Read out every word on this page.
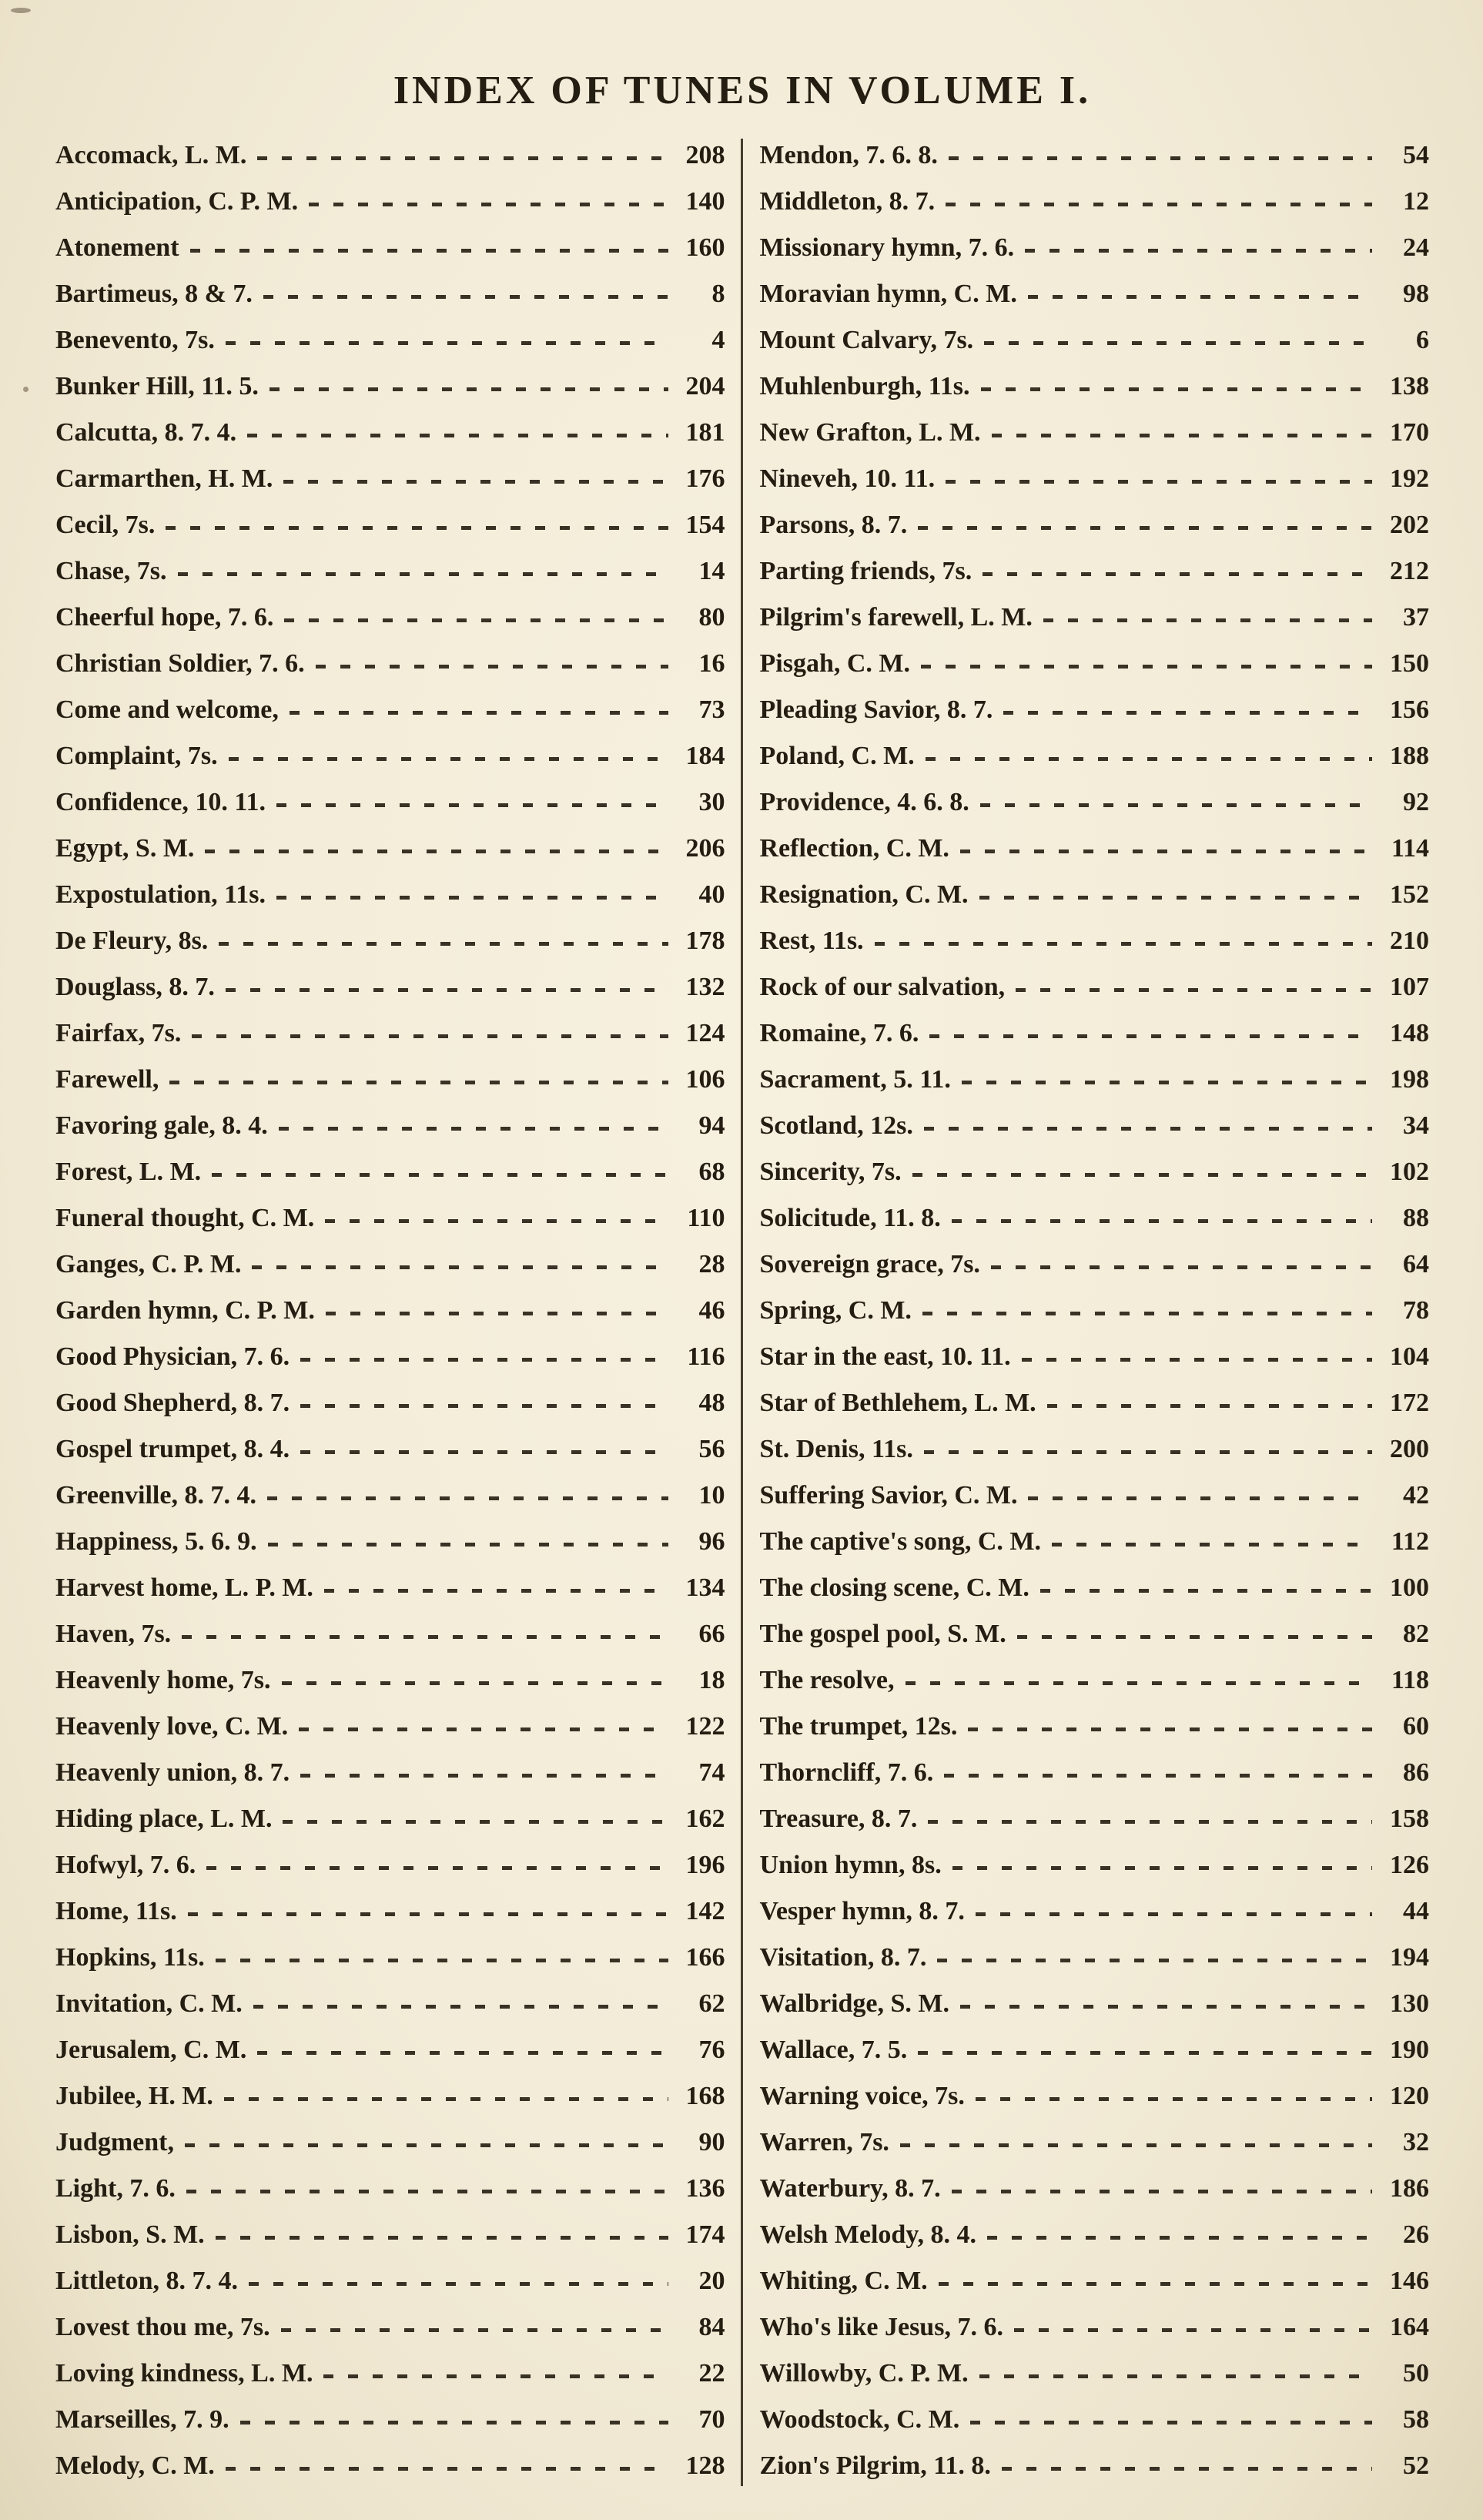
INDEX OF TUNES IN VOLUME I.
Accomack, L. M.	208
Anticipation, C. P. M.	140
Atonement	160
Bartimeus, 8 & 7.	8
Benevento, 7s.	4
Bunker Hill, 11. 5.	204
Calcutta, 8. 7. 4.	181
Carmarthen, H. M.	176
Cecil, 7s.	154
Chase, 7s.	14
Cheerful hope, 7. 6.	80
Christian Soldier, 7. 6.	16
Come and welcome,	73
Complaint, 7s.	184
Confidence, 10. 11.	30
Egypt, S. M.	206
Expostulation, 11s.	40
De Fleury, 8s.	178
Douglass, 8. 7.	132
Fairfax, 7s.	124
Farewell,	106
Favoring gale, 8. 4.	94
Forest, L. M.	68
Funeral thought, C. M.	110
Ganges, C. P. M.	28
Garden hymn, C. P. M.	46
Good Physician, 7. 6.	116
Good Shepherd, 8. 7.	48
Gospel trumpet, 8. 4.	56
Greenville, 8. 7. 4.	10
Happiness, 5. 6. 9.	96
Harvest home, L. P. M.	134
Haven, 7s.	66
Heavenly home, 7s.	18
Heavenly love, C. M.	122
Heavenly union, 8. 7.	74
Hiding place, L. M.	162
Hofwyl, 7. 6.	196
Home, 11s.	142
Hopkins, 11s.	166
Invitation, C. M.	62
Jerusalem, C. M.	76
Jubilee, H. M.	168
Judgment,	90
Light, 7. 6.	136
Lisbon, S. M.	174
Littleton, 8. 7. 4.	20
Lovest thou me, 7s.	84
Loving kindness, L. M.	22
Marseilles, 7. 9.	70
Melody, C. M.	128
Mendon, 7. 6. 8.	54
Middleton, 8. 7.	12
Missionary hymn, 7. 6.	24
Moravian hymn, C. M.	98
Mount Calvary, 7s.	6
Muhlenburgh, 11s.	138
New Grafton, L. M.	170
Nineveh, 10. 11.	192
Parsons, 8. 7.	202
Parting friends, 7s.	212
Pilgrim's farewell, L. M.	37
Pisgah, C. M.	150
Pleading Savior, 8. 7.	156
Poland, C. M.	188
Providence, 4. 6. 8.	92
Reflection, C. M.	114
Resignation, C. M.	152
Rest, 11s.	210
Rock of our salvation,	107
Romaine, 7. 6.	148
Sacrament, 5. 11.	198
Scotland, 12s.	34
Sincerity, 7s.	102
Solicitude, 11. 8.	88
Sovereign grace, 7s.	64
Spring, C. M.	78
Star in the east, 10. 11.	104
Star of Bethlehem, L. M.	172
St. Denis, 11s.	200
Suffering Savior, C. M.	42
The captive's song, C. M.	112
The closing scene, C. M.	100
The gospel pool, S. M.	82
The resolve,	118
The trumpet, 12s.	60
Thorncliff, 7. 6.	86
Treasure, 8. 7.	158
Union hymn, 8s.	126
Vesper hymn, 8. 7.	44
Visitation, 8. 7.	194
Walbridge, S. M.	130
Wallace, 7. 5.	190
Warning voice, 7s.	120
Warren, 7s.	32
Waterbury, 8. 7.	186
Welsh Melody, 8. 4.	26
Whiting, C. M.	146
Who's like Jesus, 7. 6.	164
Willowby, C. P. M.	50
Woodstock, C. M.	58
Zion's Pilgrim, 11. 8.	52
